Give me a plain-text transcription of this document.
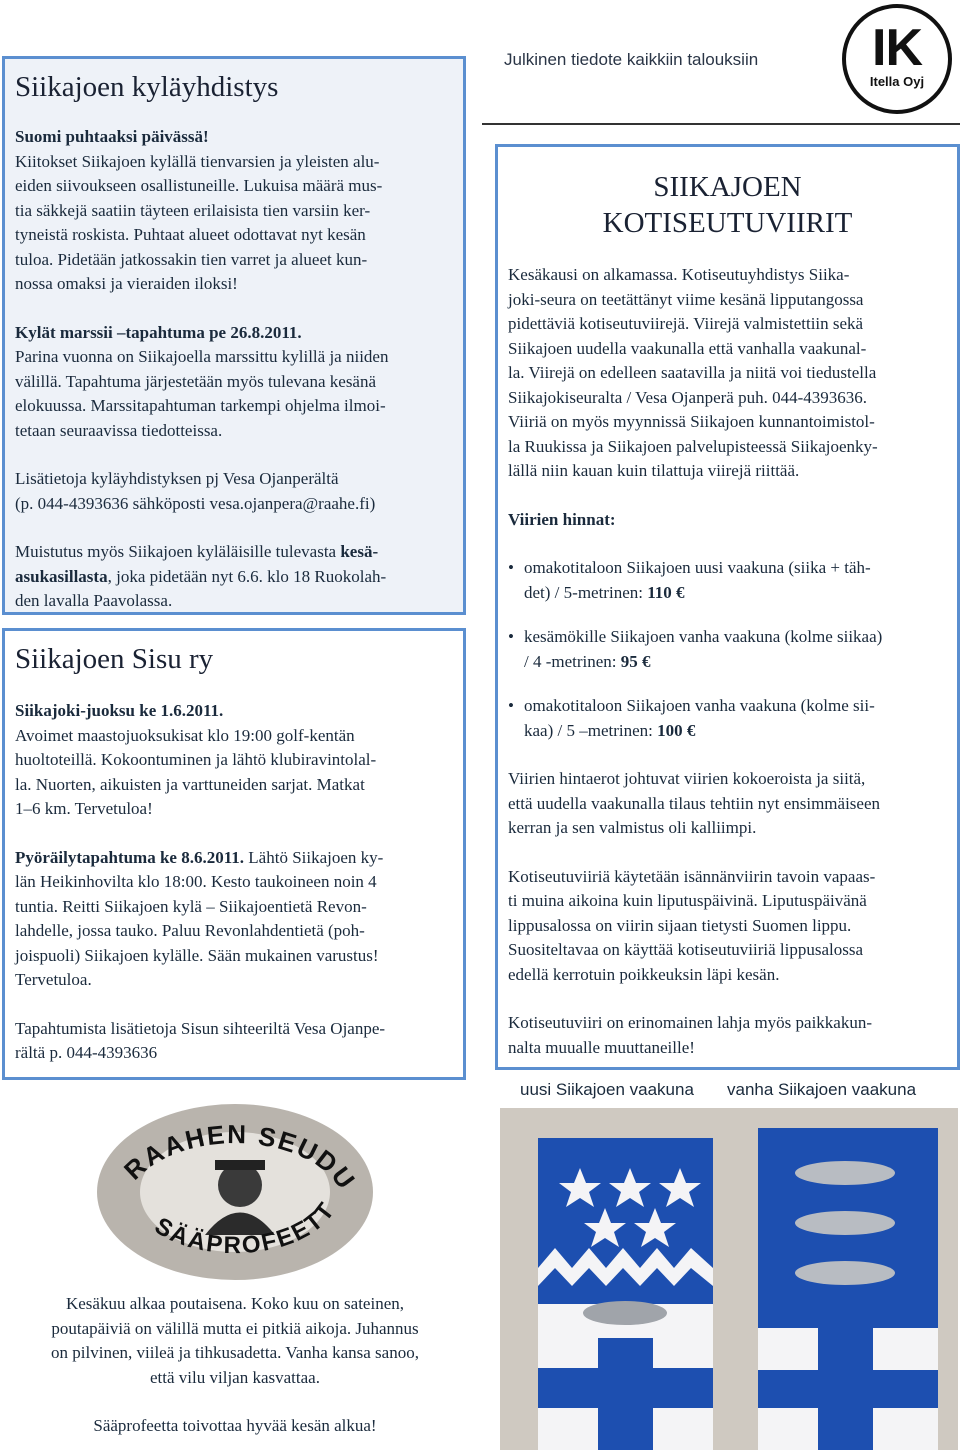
Julkinen tiedote kaikkiin talouksiin	IK
Itella Oyj
Siikajoen kyläyhdistys

Suomi puhtaaksi päivässä!

Kiitokset Siikajoen kylällä tienvarsien ja yleisten alu-

eiden siivoukseen osallistuneille. Lukuisa määrä mus-

tia säkkejä saatiin täyteen erilaisista tien varsiin ker-

tyneistä roskista. Puhtaat alueet odottavat nyt kesän

tuloa. Pidetään jatkossakin tien varret ja alueet kun-

nossa omaksi ja vieraiden iloksi!

Kylät marssii –tapahtuma pe 26.8.2011.

Parina vuonna on Siikajoella marssittu kylillä ja niiden

välillä. Tapahtuma järjestetään myös tulevana kesänä

elokuussa. Marssitapahtuman tarkempi ohjelma ilmoi-

tetaan seuraavissa tiedotteissa.

Lisätietoja kyläyhdistyksen pj Vesa Ojanperältä

(p. 044-4393636 sähköposti vesa.ojanpera@raahe.fi)

Muistutus myös Siikajoen kyläläisille tulevasta kesä-

asukasillasta, joka pidetään nyt 6.6. klo 18 Ruokolah-

den lavalla Paavolassa.

Siikajoen Sisu ry

Siikajoki-juoksu ke 1.6.2011.

Avoimet maastojuoksukisat klo 19:00 golf-kentän

huoltoteillä. Kokoontuminen ja lähtö klubiravintolal-

la. Nuorten, aikuisten ja varttuneiden sarjat. Matkat

1–6 km. Tervetuloa!

Pyöräilytapahtuma ke 8.6.2011. Lähtö Siikajoen ky-

län Heikinhovilta klo 18:00. Kesto taukoineen noin 4

tuntia. Reitti Siikajoen kylä – Siikajoentietä Revon-

lahdelle, jossa tauko. Paluu Revonlahdentietä (poh-

joispuoli) Siikajoen kylälle. Sään mukainen varustus!

Tervetuloa.

Tapahtumista lisätietoja Sisun sihteeriltä Vesa Ojanpe-

rältä p. 044-4393636

RAAHEN SEUDU
SÄÄPROFEETT

Kesäkuu alkaa poutaisena. Koko kuu on sateinen,

poutapäiviä on välillä mutta ei pitkiä aikoja. Juhannus

on pilvinen, viileä ja tihkusadetta. Vanha kansa sanoo,

että vilu viljan kasvattaa.

Sääprofeetta toivottaa hyvää kesän alkua!

SIIKAJOEN
KOTISEUTUVIIRIT

Kesäkausi on alkamassa. Kotiseutuyhdistys Siika-

joki-seura on teetättänyt viime kesänä lipputangossa

pidettäviä kotiseutuviirejä. Viirejä valmistettiin sekä

Siikajoen uudella vaakunalla että vanhalla vaakunal-

la. Viirejä on edelleen saatavilla ja niitä voi tiedustella

Siikajokiseuralta / Vesa Ojanperä puh. 044-4393636.

Viiriä on myös myynnissä Siikajoen kunnantoimistol-

la Ruukissa ja Siikajoen palvelupisteessä Siikajoenky-

lällä niin kauan kuin tilattuja viirejä riittää.

Viirien hinnat:

• omakotitaloon Siikajoen uusi vaakuna (siika + täh-

det) / 5-metrinen: 110 €

• kesämökille Siikajoen vanha vaakuna (kolme siikaa)

/ 4 -metrinen: 95 €

• omakotitaloon Siikajoen vanha vaakuna (kolme sii-

kaa) / 5 –metrinen: 100 €

Viirien hintaerot johtuvat viirien kokoeroista ja siitä,

että uudella vaakunalla tilaus tehtiin nyt ensimmäiseen

kerran ja sen valmistus oli kalliimpi.

Kotiseutuviiriä käytetään isännänviirin tavoin vapaas-

ti muina aikoina kuin liputuspäivinä. Liputuspäivänä

lippusalossa on viirin sijaan tietysti Suomen lippu.

Suositeltavaa on käyttää kotiseutuviiriä lippusalossa

edellä kerrotuin poikkeuksin läpi kesän.

Kotiseutuviiri on erinomainen lahja myös paikkakun-

nalta muualle muuttaneille!

uusi Siikajoen vaakuna vanha Siikajoen vaakuna
